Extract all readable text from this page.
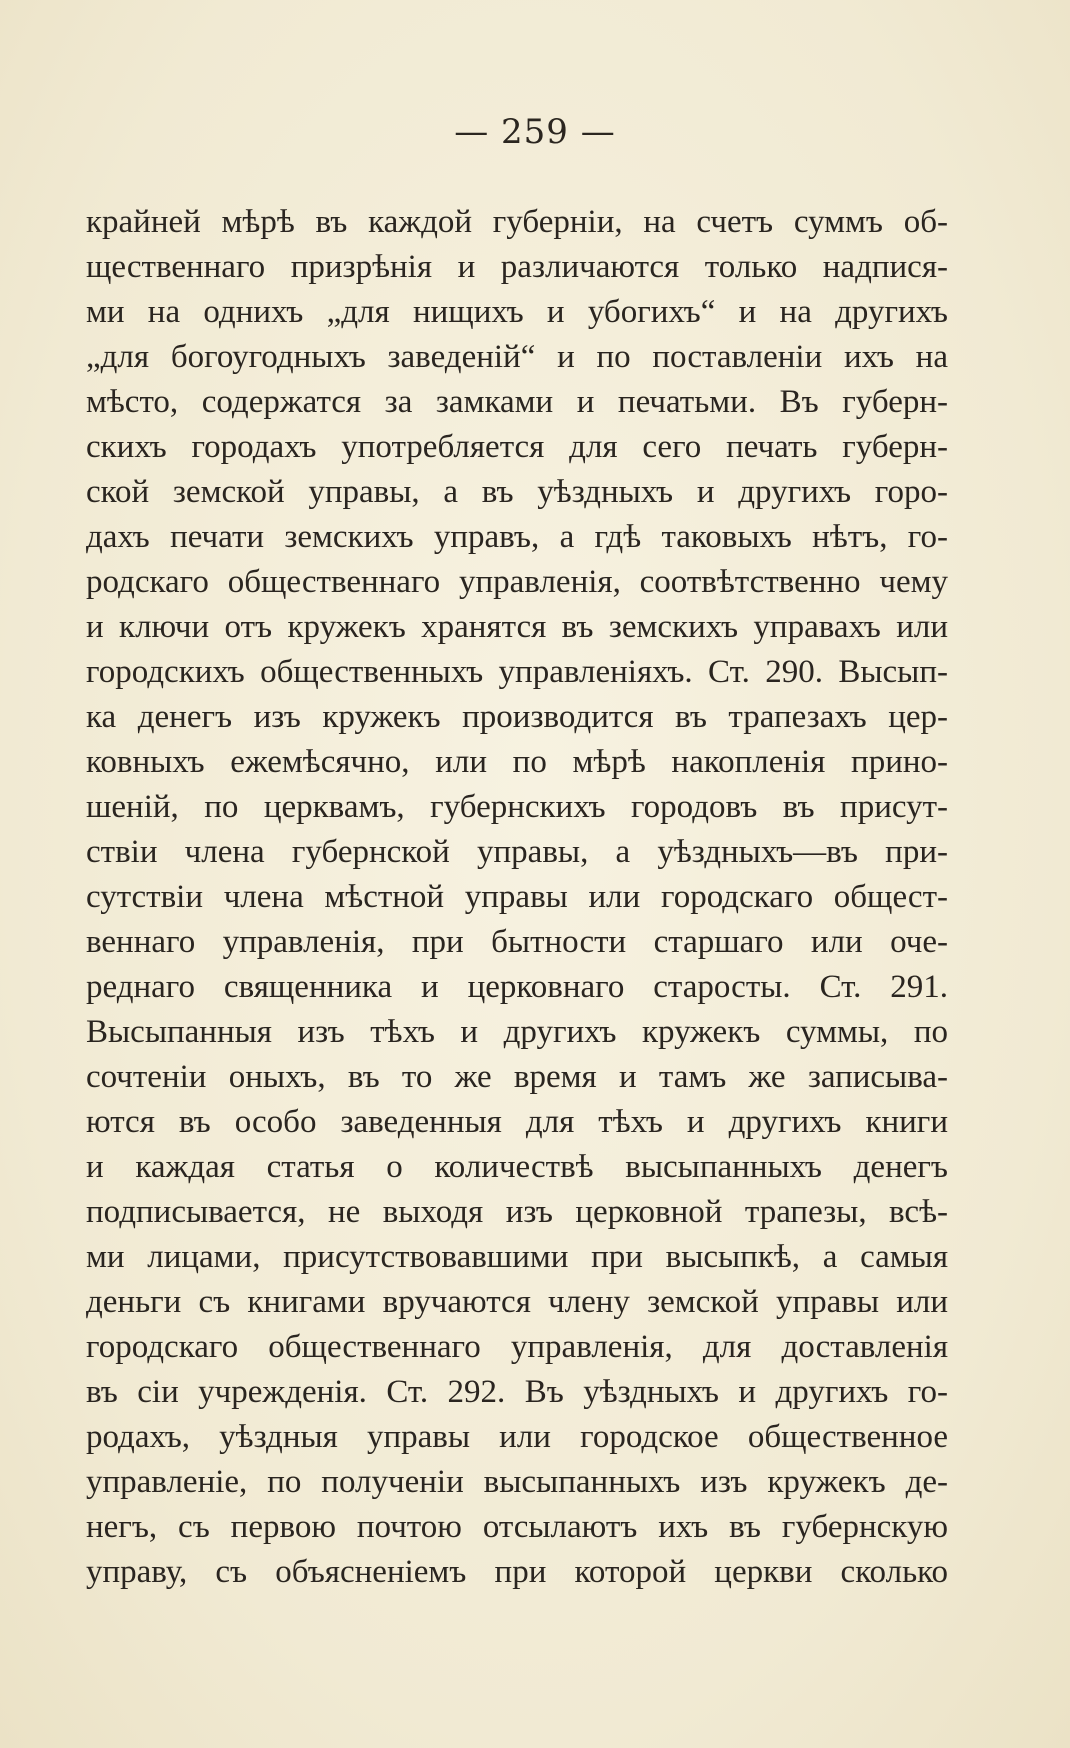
— 259 —
крайней мѣрѣ въ каждой губерніи, на счетъ суммъ об-
щественнаго призрѣнія и различаются только надпися-
ми на однихъ „для нищихъ и убогихъ“ и на другихъ
„для богоугодныхъ заведеній“ и по поставленіи ихъ на
мѣсто, содержатся за замками и печатьми. Въ губерн-
скихъ городахъ употребляется для сего печать губерн-
ской земской управы, а въ уѣздныхъ и другихъ горо-
дахъ печати земскихъ управъ, а гдѣ таковыхъ нѣтъ, го-
родскаго общественнаго управленія, соотвѣтственно чему
и ключи отъ кружекъ хранятся въ земскихъ управахъ или
городскихъ общественныхъ управленіяхъ. Ст. 290. Высып-
ка денегъ изъ кружекъ производится въ трапезахъ цер-
ковныхъ ежемѣсячно, или по мѣрѣ накопленія прино-
шеній, по церквамъ, губернскихъ городовъ въ присут-
ствіи члена губернской управы, а уѣздныхъ—въ при-
сутствіи члена мѣстной управы или городскаго общест-
веннаго управленія, при бытности старшаго или оче-
реднаго священника и церковнаго старосты. Ст. 291.
Высыпанныя изъ тѣхъ и другихъ кружекъ суммы, по
сочтеніи оныхъ, въ то же время и тамъ же записыва-
ются въ особо заведенныя для тѣхъ и другихъ книги
и каждая статья о количествѣ высыпанныхъ денегъ
подписывается, не выходя изъ церковной трапезы, всѣ-
ми лицами, присутствовавшими при высыпкѣ, а самыя
деньги съ книгами вручаются члену земской управы или
городскаго общественнаго управленія, для доставленія
въ сіи учрежденія. Ст. 292. Въ уѣздныхъ и другихъ го-
родахъ, уѣздныя управы или городское общественное
управленіе, по полученіи высыпанныхъ изъ кружекъ де-
негъ, съ первою почтою отсылаютъ ихъ въ губернскую
управу, съ объясненіемъ при которой церкви сколько
